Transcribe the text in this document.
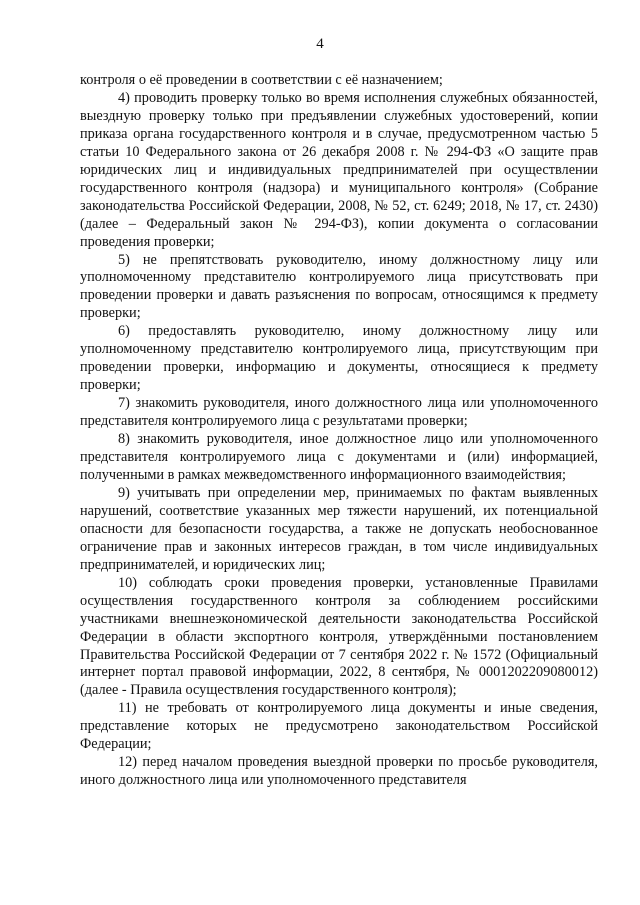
4

контроля о её проведении в соответствии с её назначением;

4) проводить проверку только во время исполнения служебных обязанностей, выездную проверку только при предъявлении служебных удостоверений, копии приказа органа государственного контроля и в случае, предусмотренном частью 5 статьи 10 Федерального закона от 26 декабря 2008 г. № 294-ФЗ «О защите прав юридических лиц и индивидуальных предпринимателей при осуществлении государственного контроля (надзора) и муниципального контроля» (Собрание законодательства Российской Федерации, 2008, № 52, ст. 6249; 2018, № 17, ст. 2430) (далее – Федеральный закон № 294-ФЗ), копии документа о согласовании проведения проверки;

5) не препятствовать руководителю, иному должностному лицу или уполномоченному представителю контролируемого лица присутствовать при проведении проверки и давать разъяснения по вопросам, относящимся к предмету проверки;

6) предоставлять руководителю, иному должностному лицу или уполномоченному представителю контролируемого лица, присутствующим при проведении проверки, информацию и документы, относящиеся к предмету проверки;

7) знакомить руководителя, иного должностного лица или уполномоченного представителя контролируемого лица с результатами проверки;

8) знакомить руководителя, иное должностное лицо или уполномоченного представителя контролируемого лица с документами и (или) информацией, полученными в рамках межведомственного информационного взаимодействия;

9) учитывать при определении мер, принимаемых по фактам выявленных нарушений, соответствие указанных мер тяжести нарушений, их потенциальной опасности для безопасности государства, а также не допускать необоснованное ограничение прав и законных интересов граждан, в том числе индивидуальных предпринимателей, и юридических лиц;

10) соблюдать сроки проведения проверки, установленные Правилами осуществления государственного контроля за соблюдением российскими участниками внешнеэкономической деятельности законодательства Российской Федерации в области экспортного контроля, утверждёнными постановлением Правительства Российской Федерации от 7 сентября 2022 г. № 1572 (Официальный интернет портал правовой информации, 2022, 8 сентября, № 0001202209080012) (далее - Правила осуществления государственного контроля);

11) не требовать от контролируемого лица документы и иные сведения, представление которых не предусмотрено законодательством Российской Федерации;

12) перед началом проведения выездной проверки по просьбе руководителя, иного должностного лица или уполномоченного представителя
